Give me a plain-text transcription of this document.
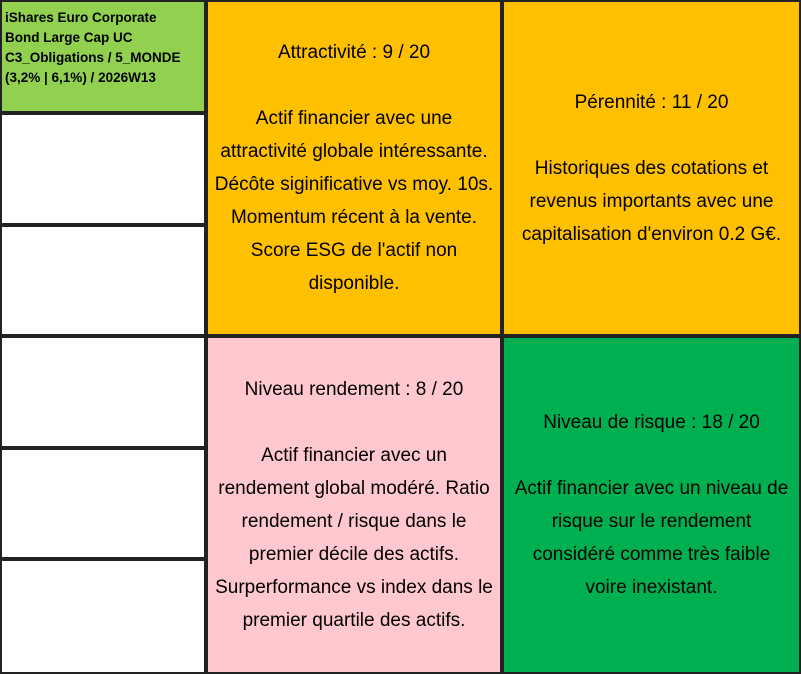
iShares Euro Corporate
Bond Large Cap UC
C3_Obligations / 5_MONDE
(3,2% | 6,1%) / 2026W13
Attractivité : 9 / 20
Actif financier avec une
attractivité globale intéressante.
Décôte siginificative vs moy. 10s.
Momentum récent à la vente.
Score ESG de l'actif non
disponible.
Pérennité : 11 / 20
Historiques des cotations et
revenus importants avec une
capitalisation d'environ 0.2 G€.
Niveau rendement : 8 / 20
Actif financier avec un
rendement global modéré. Ratio
rendement / risque dans le
premier décile des actifs.
Surperformance vs index dans le
premier quartile des actifs.
Niveau de risque : 18 / 20
Actif financier avec un niveau de
risque sur le rendement
considéré comme très faible
voire inexistant.
